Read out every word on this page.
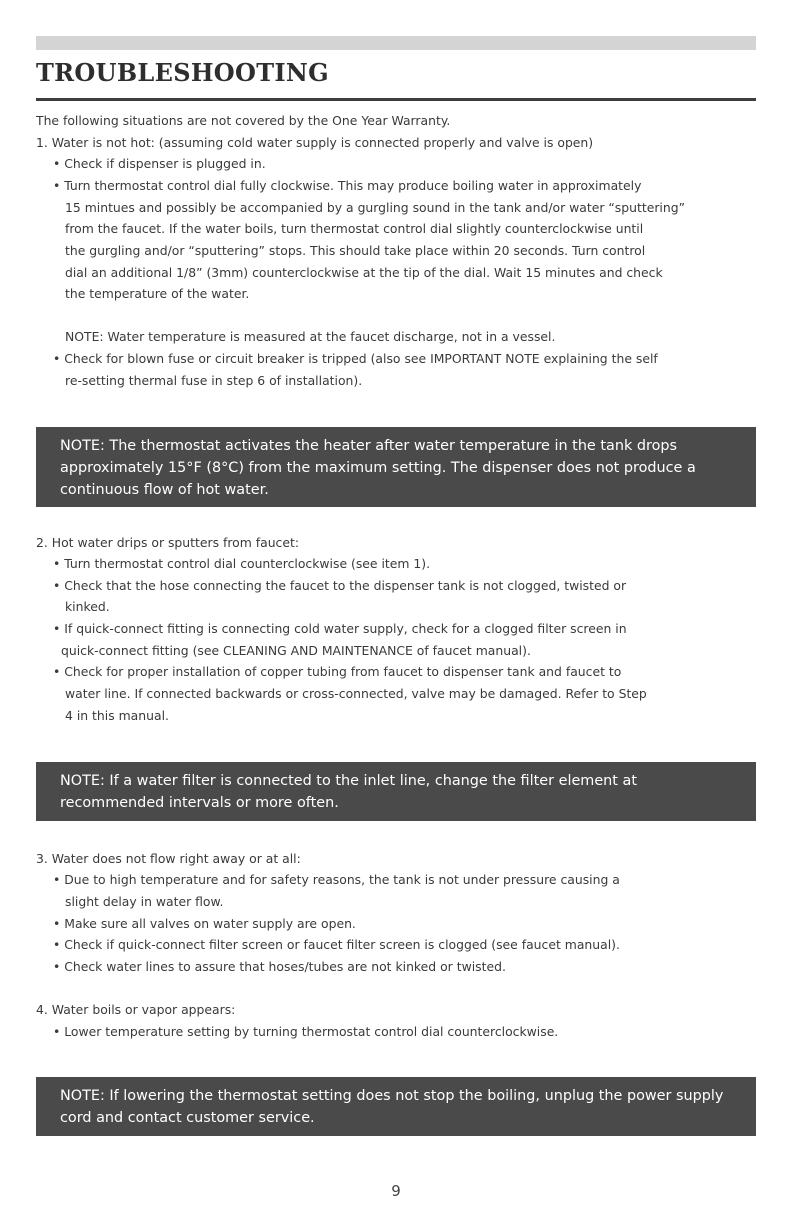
TROUBLESHOOTING

The following situations are not covered by the One Year Warranty.

1. Water is not hot: (assuming cold water supply is connected properly and valve is open)

• Check if dispenser is plugged in.

• Turn thermostat control dial fully clockwise. This may produce boiling water in approximately

15 mintues and possibly be accompanied by a gurgling sound in the tank and/or water “sputtering”

from the faucet. If the water boils, turn thermostat control dial slightly counterclockwise until

the gurgling and/or “sputtering” stops. This should take place within 20 seconds. Turn control

dial an additional 1/8” (3mm) counterclockwise at the tip of the dial. Wait 15 minutes and check

the temperature of the water.

NOTE: Water temperature is measured at the faucet discharge, not in a vessel.

• Check for blown fuse or circuit breaker is tripped (also see IMPORTANT NOTE explaining the self

re-setting thermal fuse in step 6 of installation).

NOTE: The thermostat activates the heater after water temperature in the tank drops

approximately 15°F (8°C) from the maximum setting. The dispenser does not produce a

continuous flow of hot water.

2. Hot water drips or sputters from faucet:

• Turn thermostat control dial counterclockwise (see item 1).

• Check that the hose connecting the faucet to the dispenser tank is not clogged, twisted or

kinked.

• If quick-connect fitting is connecting cold water supply, check for a clogged filter screen in

quick-connect fitting (see CLEANING AND MAINTENANCE of faucet manual).

• Check for proper installation of copper tubing from faucet to dispenser tank and faucet to

water line. If connected backwards or cross-connected, valve may be damaged. Refer to Step

4 in this manual.

NOTE: If a water filter is connected to the inlet line, change the filter element at

recommended intervals or more often.

3. Water does not flow right away or at all:

• Due to high temperature and for safety reasons, the tank is not under pressure causing a

slight delay in water flow.

• Make sure all valves on water supply are open.

• Check if quick-connect filter screen or faucet filter screen is clogged (see faucet manual).

• Check water lines to assure that hoses/tubes are not kinked or twisted.

4. Water boils or vapor appears:

• Lower temperature setting by turning thermostat control dial counterclockwise.

NOTE: If lowering the thermostat setting does not stop the boiling, unplug the power supply

cord and contact customer service.

9
